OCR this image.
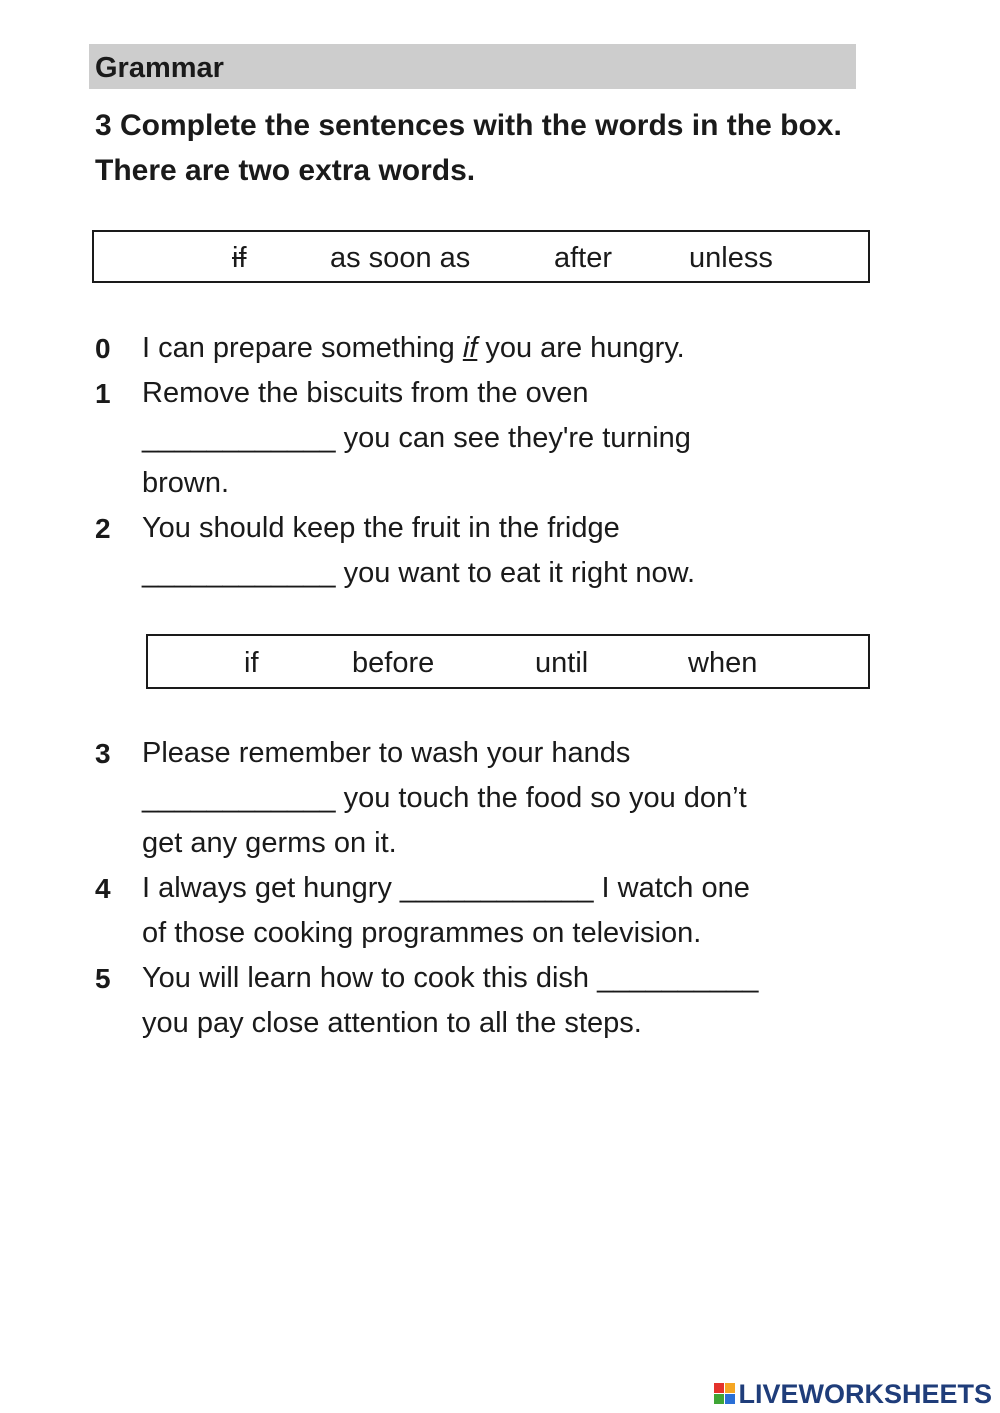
Grammar
3 Complete the sentences with the words in the box. There are two extra words.
if	as soon as	after	unless
0 I can prepare something if you are hungry.
1 Remove the biscuits from the oven
____________ you can see they're turning
brown.
2 You should keep the fruit in the fridge
____________ you want to eat it right now.
if	before	until	when
3 Please remember to wash your hands
____________ you touch the food so you don’t
get any germs on it.
4 I always get hungry ____________ I watch one
of those cooking programmes on television.
5 You will learn how to cook this dish __________
you pay close attention to all the steps.
LIVEWORKSHEETS
